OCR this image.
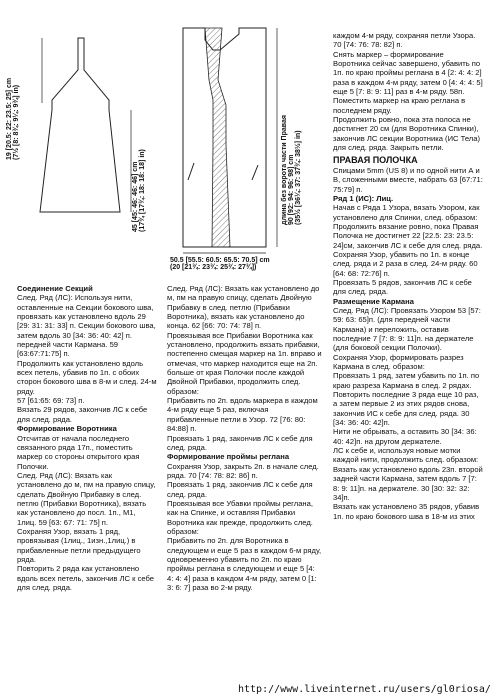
19 [20.5: 22: 23.5: 25] cm
(7½ [8: 8¾: 9¼: 9¾] in)
45 [45: 46: 46: 46] cm
(17¾ [17¾: 18: 18: 18] in)	длина без ворота части Правая
90 [92: 94: 96: 98] cm
(35½ [36¼: 37: 37¾: 38½] in)
50.5 [55.5: 60.5: 65.5: 70.5] cm
(20 [21¾: 23¾: 25¾: 27¾])

Соединение Секций

След. Ряд (ЛС): Используя нити, оставленные на Секции бокового шва,

провязать как установлено вдоль 29 [29: 31: 31: 33] п. Секции бокового шва, затем вдоль 30 [34: 36: 40: 42] п. передней части Кармана. 59 [63:67:71:75] п.

Продолжить как установлено вдоль всех петель, убавив по 1п. с обоих сторон бокового шва в 8-м и след. 24-м ряду.

57 [61:65: 69: 73] п.

Вязать 29 рядов, закончив ЛС к себе для след. ряда.

Формирование Воротника

Отсчитав от начала последнего связанного ряда 17п., поместить маркер со стороны открытого края Полочки.

След. Ряд (ЛС): Вязать как установлено до м, пм на правую спицу, сделать Двойную Прибавку в след. петлю (Прибавки Воротника), вязать как установлено до посл. 1п., М1, 1лиц. 59 [63: 67: 71: 75] п.

Сохраняя Узор, вязать 1 ряд, провязывая (1лиц., 1изн.,1лиц.) в прибавленные петли предыдущего ряда.

Повторить 2 ряда как установлено вдоль всех петель, закончив ЛС к себе для след. ряда.

След. Ряд (ЛС): Вязать как установлено до м, пм на правую спицу, сделать Двойную Прибавку в след. петлю (Прибавки Воротника), вязать как установлено до конца. 62 [66: 70: 74: 78] п.

Провязывая все Прибавки Воротника как установлено, продолжить вязать прибавки, постепенно смещая маркер на 1п. вправо и отмечая, что маркер находится еще на 2п. больше от края Полочки после каждой Двойной Прибавки, продолжить след. образом:

Прибавить по 2п. вдоль маркера в каждом 4-м ряду еще 5 раз, включая прибавленные петли в Узор. 72 [76: 80: 84:88] п.

Провязать 1 ряд, закончив ЛС к себе для след. ряда.

Формирование проймы реглана

Сохраняя Узор, закрыть 2п. в начале след. ряда. 70 [74: 78: 82: 86] п.

Провязать 1 ряд, закончив ЛС к себе для след. ряда.

Провязывая все Убавки проймы реглана, как на Спинке, и оставляя Прибавки Воротника как прежде, продолжить след. образом:

Прибавить по 2п. для Воротника в следующем и еще 5 раз в каждом 6-м ряду, одновременно убавить по 2п. по краю проймы реглана в следующем и еще 5 [4: 4: 4: 4] раза в каждом 4-м ряду, затем 0 [1: 3: 6: 7] раза во 2-м ряду.

каждом 4-м ряду, сохраняя петли Узора. 70 [74: 76: 78: 82] п.

Снять маркер – формирование Воротника сейчас завершено, убавить по 1п. по краю проймы реглана в 4 [2: 4: 4: 2] раза в каждом 4-м ряду, затем 0 [4: 4: 4: 5] еще 5 [7: 8: 9: 11] раз в 4-м ряду. 58п.

Поместить маркер на краю реглана в последнем ряду.

Продолжить ровно, пока эта полоса не достигнет 20 см (для Воротника Спинки), закончив ЛС секции Воротника (ИС Тела) для след. ряда. Закрыть петли.

ПРАВАЯ ПОЛОЧКА

Спицами 5mm (US 8) и по одной нити А и В, сложенными вместе, набрать 63 [67:71: 75:79] п.

Ряд 1 (ИС): Лиц.

Начав с Ряда 1 Узора, вязать Узором, как установлено для Спинки, след. образом:

Продолжить вязание ровно, пока Правая Полочка не достигнет 22 [22.5: 23: 23.5: 24]см, закончив ЛС к себе для след. ряда.

Сохраняя Узор, убавить по 1п. в конце след. ряда и 2 раза в след. 24-м ряду. 60 [64: 68: 72:76] п.

Провязать 5 рядов, закончив ЛС к себе для след. ряда.

Размещение Кармана

След. Ряд (ЛС): Провязать Узором 53 [57: 59: 63: 65]п. (для передней части Кармана) и переложить, оставив последние 7 [7: 8: 9: 11]п. на держателе (для боковой секции Полочки).

Сохраняя Узор, формировать разрез Кармана в след. образом:

Провязать 1 ряд, затем убавить по 1п. по краю разреза Кармана в след. 2 рядах.

Повторить последние 3 ряда еще 10 раз, а затем первые 2 из этих рядов снова, закончив ИС к себе для след. ряда. 30 [34: 36: 40: 42]п.

Нити не обрывать, а оставить 30 [34: 36: 40: 42]п. на другом держателе.

ЛС к себе и, используя новые мотки каждой нити, продолжить след. образом:

Вязать как установлено вдоль 23п. второй задней части Кармана, затем вдоль 7 [7: 8: 9: 11]п. на держателе. 30 [30: 32: 32: 34]п.

Вязать как установлено 35 рядов, убавив 1п. по краю бокового шва в 18-м из этих

http://www.liveinternet.ru/users/gl0riosa/
